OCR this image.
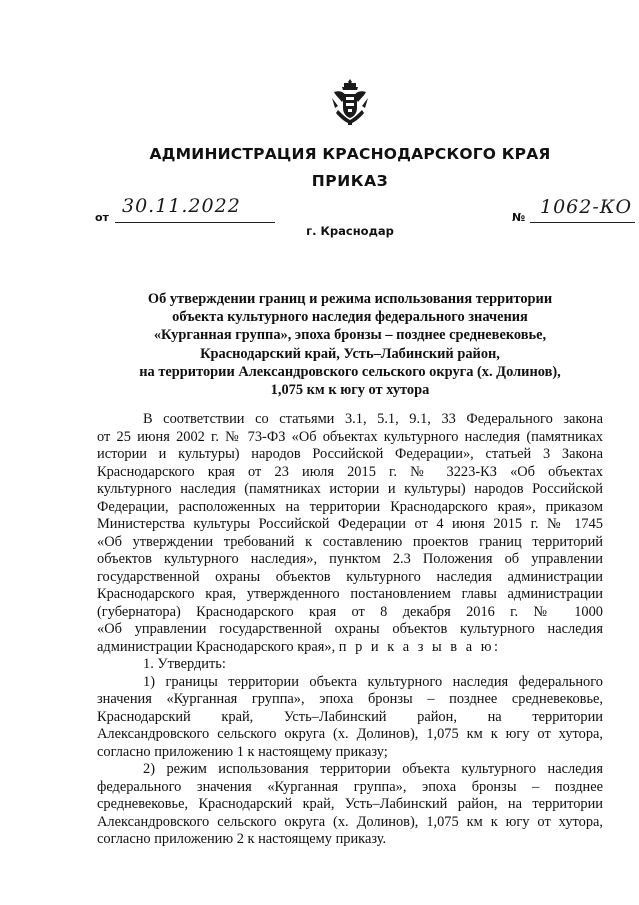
АДМИНИСТРАЦИЯ КРАСНОДАРСКОГО КРАЯ
ПРИКАЗ
от
30.11.2022
№ 1062-КО
г. Краснодар
Об утверждении границ и режима использования территории
объекта культурного наследия федерального значения
«Курганная группа», эпоха бронзы – позднее средневековье,
Краснодарский край, Усть–Лабинский район,
на территории Александровского сельского округа (х. Долинов),
1,075 км к югу от хутора
В соответствии со статьями 3.1, 5.1, 9.1, 33 Федерального закона
от 25 июня 2002 г. № 73-ФЗ «Об объектах культурного наследия (памятниках
истории и культуры) народов Российской Федерации», статьей 3 Закона
Краснодарского края от 23 июля 2015 г. № 3223-КЗ «Об объектах
культурного наследия (памятниках истории и культуры) народов Российской
Федерации, расположенных на территории Краснодарского края», приказом
Министерства культуры Российской Федерации от 4 июня 2015 г. № 1745
«Об утверждении требований к составлению проектов границ территорий
объектов культурного наследия», пунктом 2.3 Положения об управлении
государственной охраны объектов культурного наследия администрации
Краснодарского края, утвержденного постановлением главы администрации
(губернатора) Краснодарского края от 8 декабря 2016 г. № 1000
«Об управлении государственной охраны объектов культурного наследия
администрации Краснодарского края», п р и к а з ы в а ю:
1. Утвердить:
1) границы территории объекта культурного наследия федерального
значения «Курганная группа», эпоха бронзы – позднее средневековье,
Краснодарский край, Усть–Лабинский район, на территории
Александровского сельского округа (х. Долинов), 1,075 км к югу от хутора,
согласно приложению 1 к настоящему приказу;
2) режим использования территории объекта культурного наследия
федерального значения «Курганная группа», эпоха бронзы – позднее
средневековье, Краснодарский край, Усть–Лабинский район, на территории
Александровского сельского округа (х. Долинов), 1,075 км к югу от хутора,
согласно приложению 2 к настоящему приказу.
